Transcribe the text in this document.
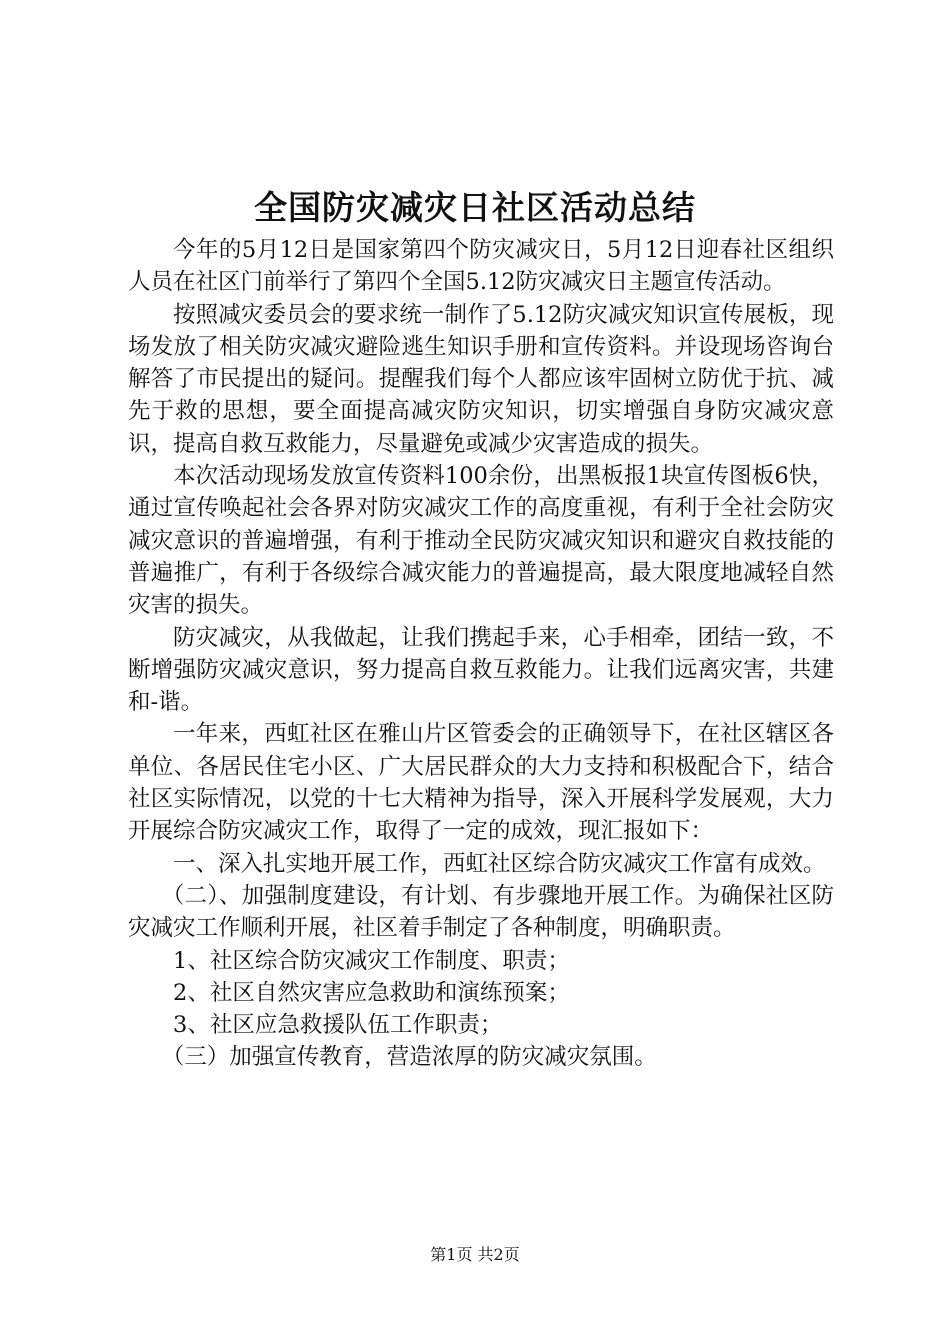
全国防灾减灾日社区活动总结

今年的5月12日是国家第四个防灾减灾日，5月12日迎春社区组织人员在社区门前举行了第四个全国5.12防灾减灾日主题宣传活动。

按照减灾委员会的要求统一制作了5.12防灾减灾知识宣传展板，现场发放了相关防灾减灾避险逃生知识手册和宣传资料。并设现场咨询台解答了市民提出的疑问。提醒我们每个人都应该牢固树立防优于抗、减先于救的思想，要全面提高减灾防灾知识，切实增强自身防灾减灾意识，提高自救互救能力，尽量避免或减少灾害造成的损失。

本次活动现场发放宣传资料100余份，出黑板报1块宣传图板6快，通过宣传唤起社会各界对防灾减灾工作的高度重视，有利于全社会防灾减灾意识的普遍增强，有利于推动全民防灾减灾知识和避灾自救技能的普遍推广，有利于各级综合减灾能力的普遍提高，最大限度地减轻自然灾害的损失。

防灾减灾，从我做起，让我们携起手来，心手相牵，团结一致，不断增强防灾减灾意识，努力提高自救互救能力。让我们远离灾害，共建和-谐。

一年来，西虹社区在雅山片区管委会的正确领导下，在社区辖区各单位、各居民住宅小区、广大居民群众的大力支持和积极配合下，结合社区实际情况，以党的十七大精神为指导，深入开展科学发展观，大力开展综合防灾减灾工作，取得了一定的成效，现汇报如下：

一、深入扎实地开展工作，西虹社区综合防灾减灾工作富有成效。

（二）、加强制度建设，有计划、有步骤地开展工作。为确保社区防灾减灾工作顺利开展，社区着手制定了各种制度，明确职责。

1、社区综合防灾减灾工作制度、职责；

2、社区自然灾害应急救助和演练预案；

3、社区应急救援队伍工作职责；

（三）加强宣传教育，营造浓厚的防灾减灾氛围。

第1页 共2页
